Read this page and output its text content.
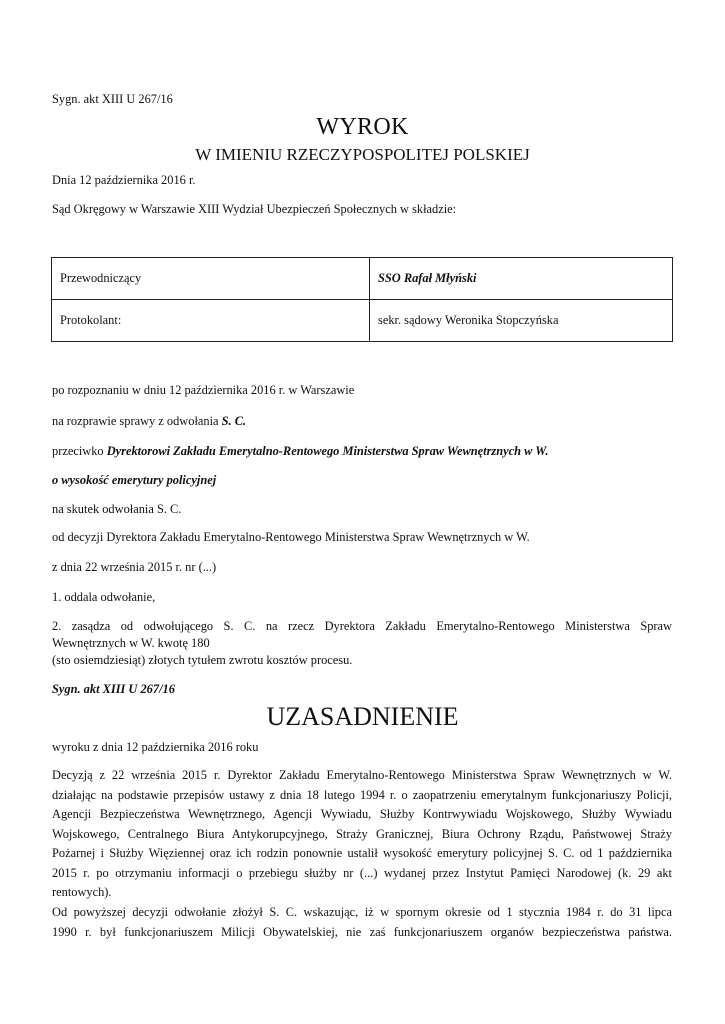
Sygn. akt XIII U 267/16
WYROK
W IMIENIU RZECZYPOSPOLITEJ POLSKIEJ
Dnia 12 października 2016 r.
Sąd Okręgowy w Warszawie XIII Wydział Ubezpieczeń Społecznych w składzie:
Przewodniczący	SSO Rafał Młyński
Protokolant:	sekr. sądowy Weronika Stopczyńska
po rozpoznaniu w dniu 12 października 2016 r. w Warszawie
na rozprawie sprawy z odwołania S. C.
przeciwko Dyrektorowi Zakładu Emerytalno-Rentowego Ministerstwa Spraw Wewnętrznych w W.
o wysokość emerytury policyjnej
na skutek odwołania S. C.
od decyzji Dyrektora Zakładu Emerytalno-Rentowego Ministerstwa Spraw Wewnętrznych w W.
z dnia 22 września 2015 r. nr (...)
1. oddala odwołanie,
2. zasądza od odwołującego S. C. na rzecz Dyrektora Zakładu Emerytalno-Rentowego Ministerstwa Spraw
Wewnętrznych w W. kwotę 180
(sto osiemdziesiąt) złotych tytułem zwrotu kosztów procesu.
Sygn. akt XIII U 267/16
UZASADNIENIE
wyroku z dnia 12 października 2016 roku
Decyzją z 22 września 2015 r. Dyrektor Zakładu Emerytalno-Rentowego Ministerstwa Spraw Wewnętrznych w W.
działając na podstawie przepisów ustawy z dnia 18 lutego 1994 r. o zaopatrzeniu emerytalnym funkcjonariuszy Policji,
Agencji Bezpieczeństwa Wewnętrznego, Agencji Wywiadu, Służby Kontrwywiadu Wojskowego, Służby Wywiadu
Wojskowego, Centralnego Biura Antykorupcyjnego, Straży Granicznej, Biura Ochrony Rządu, Państwowej Straży
Pożarnej i Służby Więziennej oraz ich rodzin ponownie ustalił wysokość emerytury policyjnej S. C. od 1 października
2015 r. po otrzymaniu informacji o przebiegu służby nr (...) wydanej przez Instytut Pamięci Narodowej (k. 29 akt
rentowych).
Od powyższej decyzji odwołanie złożył S. C. wskazując, iż w spornym okresie od 1 stycznia 1984 r. do 31 lipca
1990 r. był funkcjonariuszem Milicji Obywatelskiej, nie zaś funkcjonariuszem organów bezpieczeństwa państwa.
